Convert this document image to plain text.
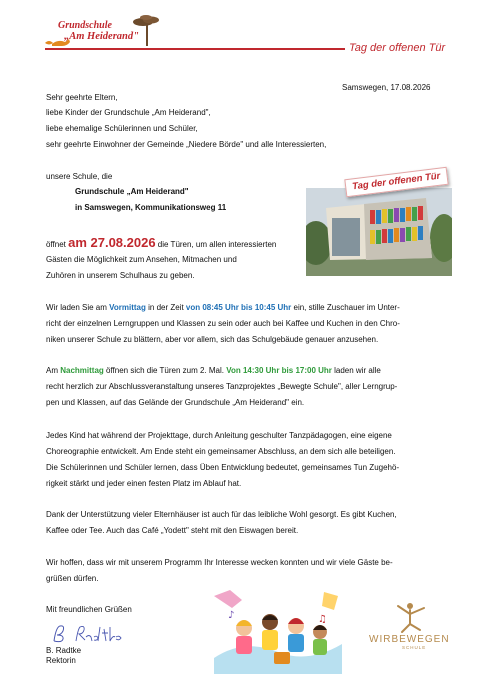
Grundschule
„Am Heiderand"
Tag der offenen Tür
Samswegen, 17.08.2026
Sehr geehrte Eltern,
liebe Kinder der Grundschule „Am Heiderand",
liebe ehemalige Schülerinnen und Schüler,
sehr geehrte Einwohner der Gemeinde „Niedere Börde" und alle Interessierten,
unsere Schule, die
Grundschule „Am Heiderand"
in Samswegen, Kommunikationsweg 11
Tag der offenen Tür
öffnet am 27.08.2026 die Türen, um allen interessierten
Gästen die Möglichkeit zum Ansehen, Mitmachen und
Zuhören in unserem Schulhaus zu geben.
Wir laden Sie am Vormittag in der Zeit von 08:45 Uhr bis 10:45 Uhr ein, stille Zuschauer im Unter-
richt der einzelnen Lerngruppen und Klassen zu sein oder auch bei Kaffee und Kuchen in den Chro-
niken unserer Schule zu blättern, aber vor allem, sich das Schulgebäude genauer anzusehen.
Am Nachmittag öffnen sich die Türen zum 2. Mal. Von 14:30 Uhr bis 17:00 Uhr laden wir alle
recht herzlich zur Abschlussveranstaltung unseres Tanzprojektes „Bewegte Schule", aller Lerngrup-
pen und Klassen, auf das Gelände der Grundschule „Am Heiderand" ein.
Jedes Kind hat während der Projekttage, durch Anleitung geschulter Tanzpädagogen, eine eigene
Choreographie entwickelt. Am Ende steht ein gemeinsamer Abschluss, an dem sich alle beteiligen.
Die Schülerinnen und Schüler lernen, dass Üben Entwicklung bedeutet, gemeinsames Tun Zugehö-
rigkeit stärkt und jeder einen festen Platz im Ablauf hat.
Dank der Unterstützung vieler Elternhäuser ist auch für das leibliche Wohl gesorgt. Es gibt Kuchen,
Kaffee oder Tee. Auch das Café „Yodett" steht mit den Eiswagen bereit.
Wir hoffen, dass wir mit unserem Programm Ihr Interesse wecken konnten und wir viele Gäste be-
grüßen dürfen.
Mit freundlichen Grüßen
B. Radtke
Rektorin
♪	♫
WIRBEWEGEN
SCHULE
